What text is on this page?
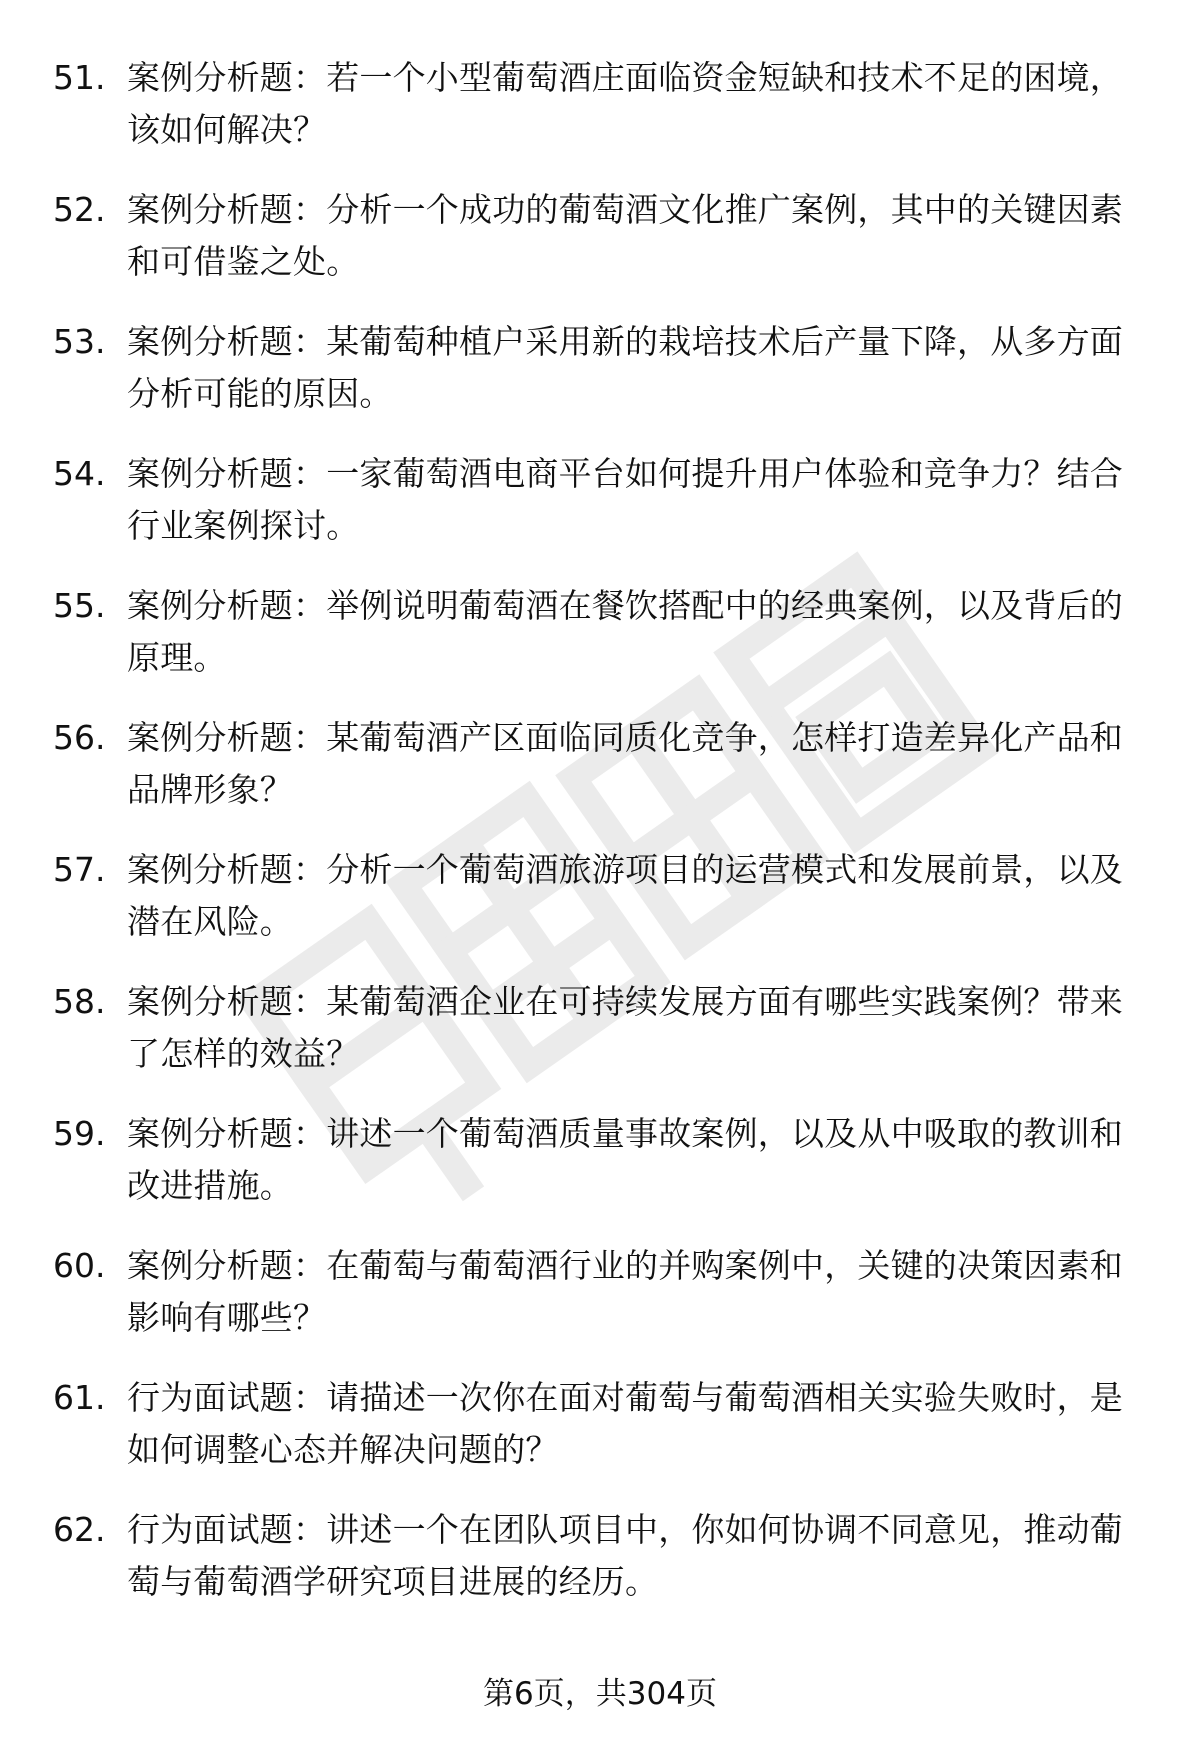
51. 案例分析题：若一个小型葡萄酒庄面临资金短缺和技术不足的困境，该如何解决？
52. 案例分析题：分析一个成功的葡萄酒文化推广案例，其中的关键因素和可借鉴之处。
53. 案例分析题：某葡萄种植户采用新的栽培技术后产量下降，从多方面分析可能的原因。
54. 案例分析题：一家葡萄酒电商平台如何提升用户体验和竞争力？结合行业案例探讨。
55. 案例分析题：举例说明葡萄酒在餐饮搭配中的经典案例，以及背后的原理。
56. 案例分析题：某葡萄酒产区面临同质化竞争，怎样打造差异化产品和品牌形象？
57. 案例分析题：分析一个葡萄酒旅游项目的运营模式和发展前景，以及潜在风险。
58. 案例分析题：某葡萄酒企业在可持续发展方面有哪些实践案例？带来了怎样的效益？
59. 案例分析题：讲述一个葡萄酒质量事故案例，以及从中吸取的教训和改进措施。
60. 案例分析题：在葡萄与葡萄酒行业的并购案例中，关键的决策因素和影响有哪些？
61. 行为面试题：请描述一次你在面对葡萄与葡萄酒相关实验失败时，是如何调整心态并解决问题的？
62. 行为面试题：讲述一个在团队项目中，你如何协调不同意见，推动葡萄与葡萄酒学研究项目进展的经历。
第6页，共304页
